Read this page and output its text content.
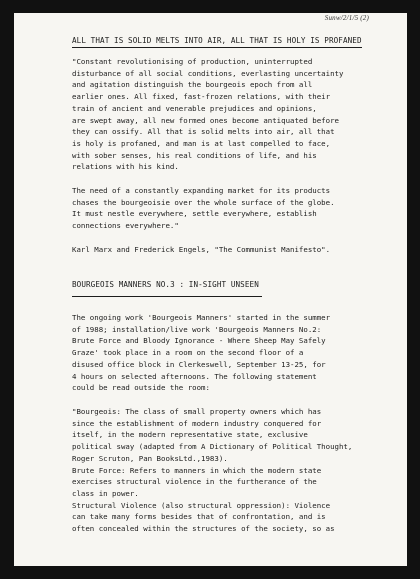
Sunw/2/1/5 (2)
ALL THAT IS SOLID MELTS INTO AIR, ALL THAT IS HOLY IS PROFANED
"Constant revolutionising of production, uninterrupted
disturbance of all social conditions, everlasting uncertainty
and agitation distinguish the bourgeois epoch from all
earlier ones. All fixed, fast-frozen relations, with their
train of ancient and venerable prejudices and opinions,
are swept away, all new formed ones become antiquated before
they can ossify. All that is solid melts into air, all that
is holy is profaned, and man is at last compelled to face,
with sober senses, his real conditions of life, and his
relations with his kind.
The need of a constantly expanding market for its products
chases the bourgeoisie over the whole surface of the globe.
It must nestle everywhere, settle everywhere, establish
connections everywhere."
Karl Marx and Frederick Engels, "The Communist Manifesto".
BOURGEOIS MANNERS NO.3 : IN-SIGHT UNSEEN
The ongoing work 'Bourgeois Manners' started in the summer
of 1988; installation/live work 'Bourgeois Manners No.2:
Brute Force and Bloody Ignorance - Where Sheep May Safely
Graze' took place in a room on the second floor of a
disused office block in Clerkeswell, September 13-25, for
4 hours on selected afternoons. The following statement
could be read outside the room:
"Bourgeois: The class of small property owners which has
since the establishment of modern industry conquered for
itself, in the modern representative state, exclusive
political sway (adapted from A Dictionary of Political Thought,
Roger Scruton, Pan BooksLtd.,1983).
Brute Force: Refers to manners in which the modern state
exercises structural violence in the furtherance of the
class in power.
Structural Violence (also structural oppression): Violence
can take many forms besides that of confrontation, and is
often concealed within the structures of the society, so as
